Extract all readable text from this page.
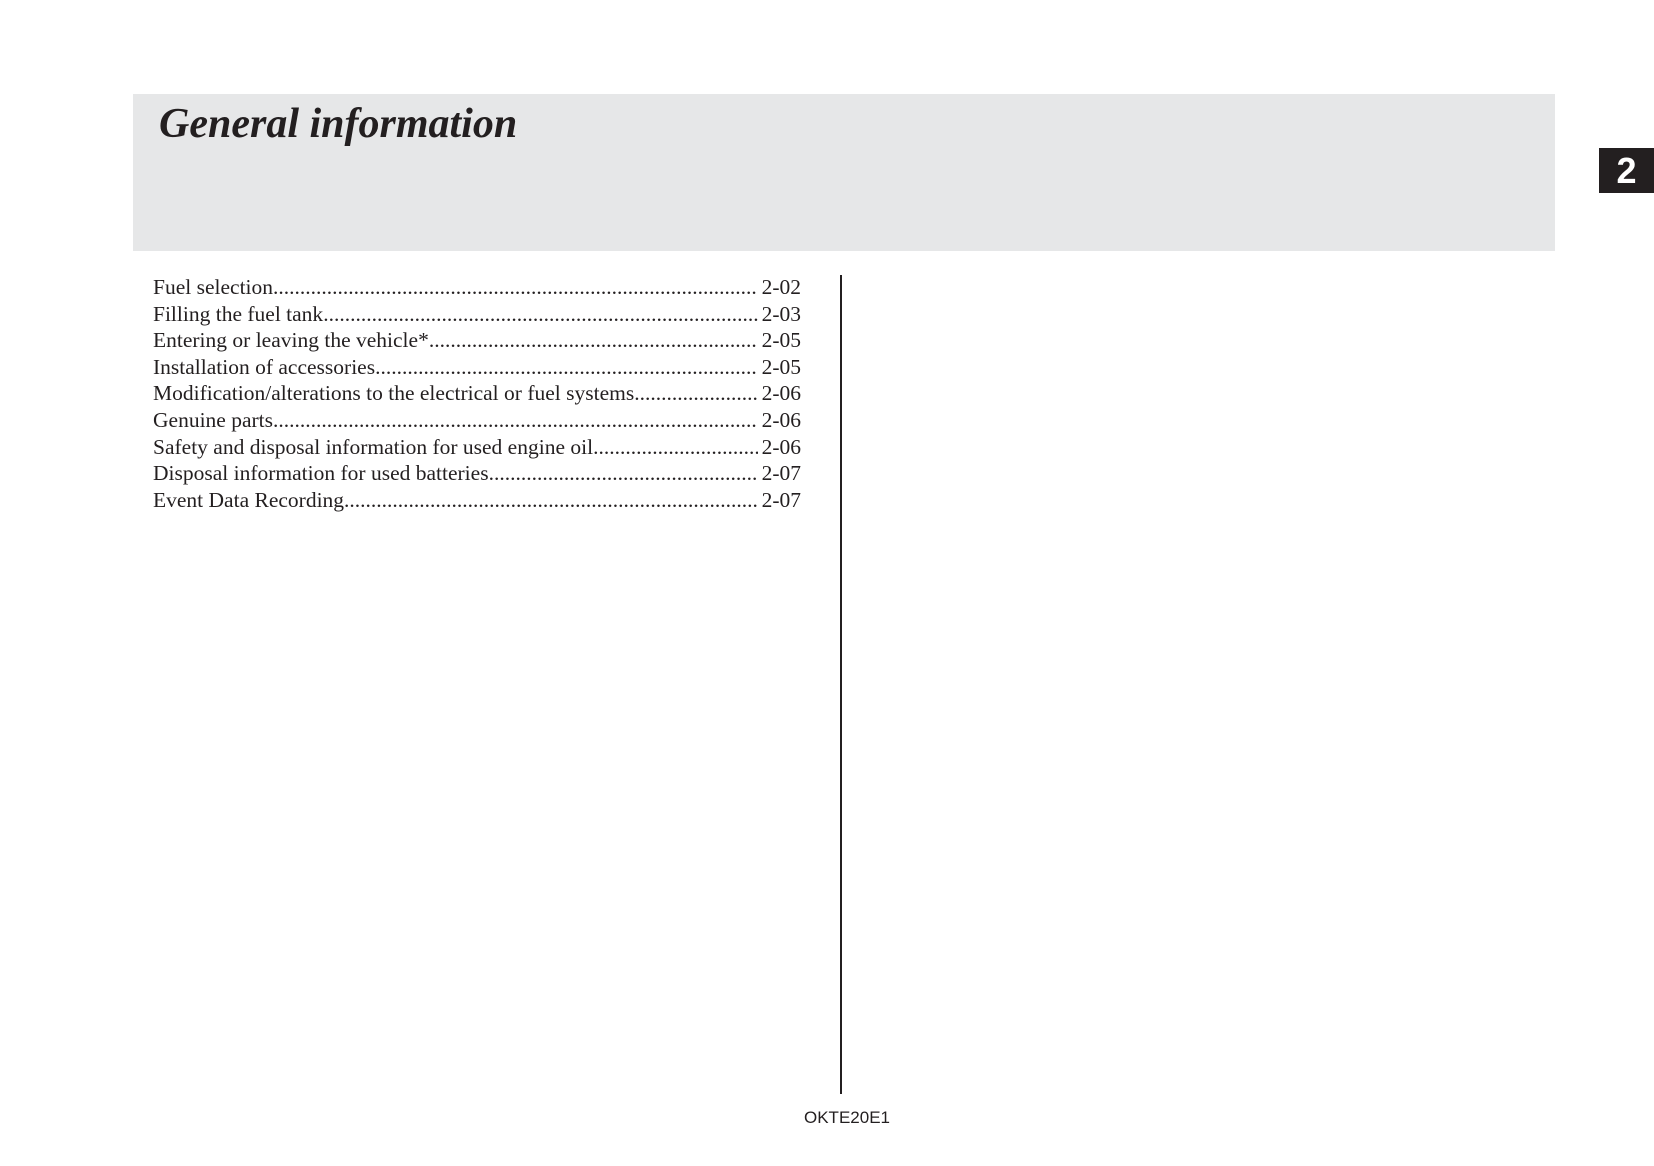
General information
2
Fuel selection .....	2-02
Filling the fuel tank .....	2-03
Entering or leaving the vehicle* .....	2-05
Installation of accessories .....	2-05
Modification/alterations to the electrical or fuel systems .....	2-06
Genuine parts .....	2-06
Safety and disposal information for used engine oil .....	2-06
Disposal information for used batteries .....	2-07
Event Data Recording .....	2-07
OKTE20E1
